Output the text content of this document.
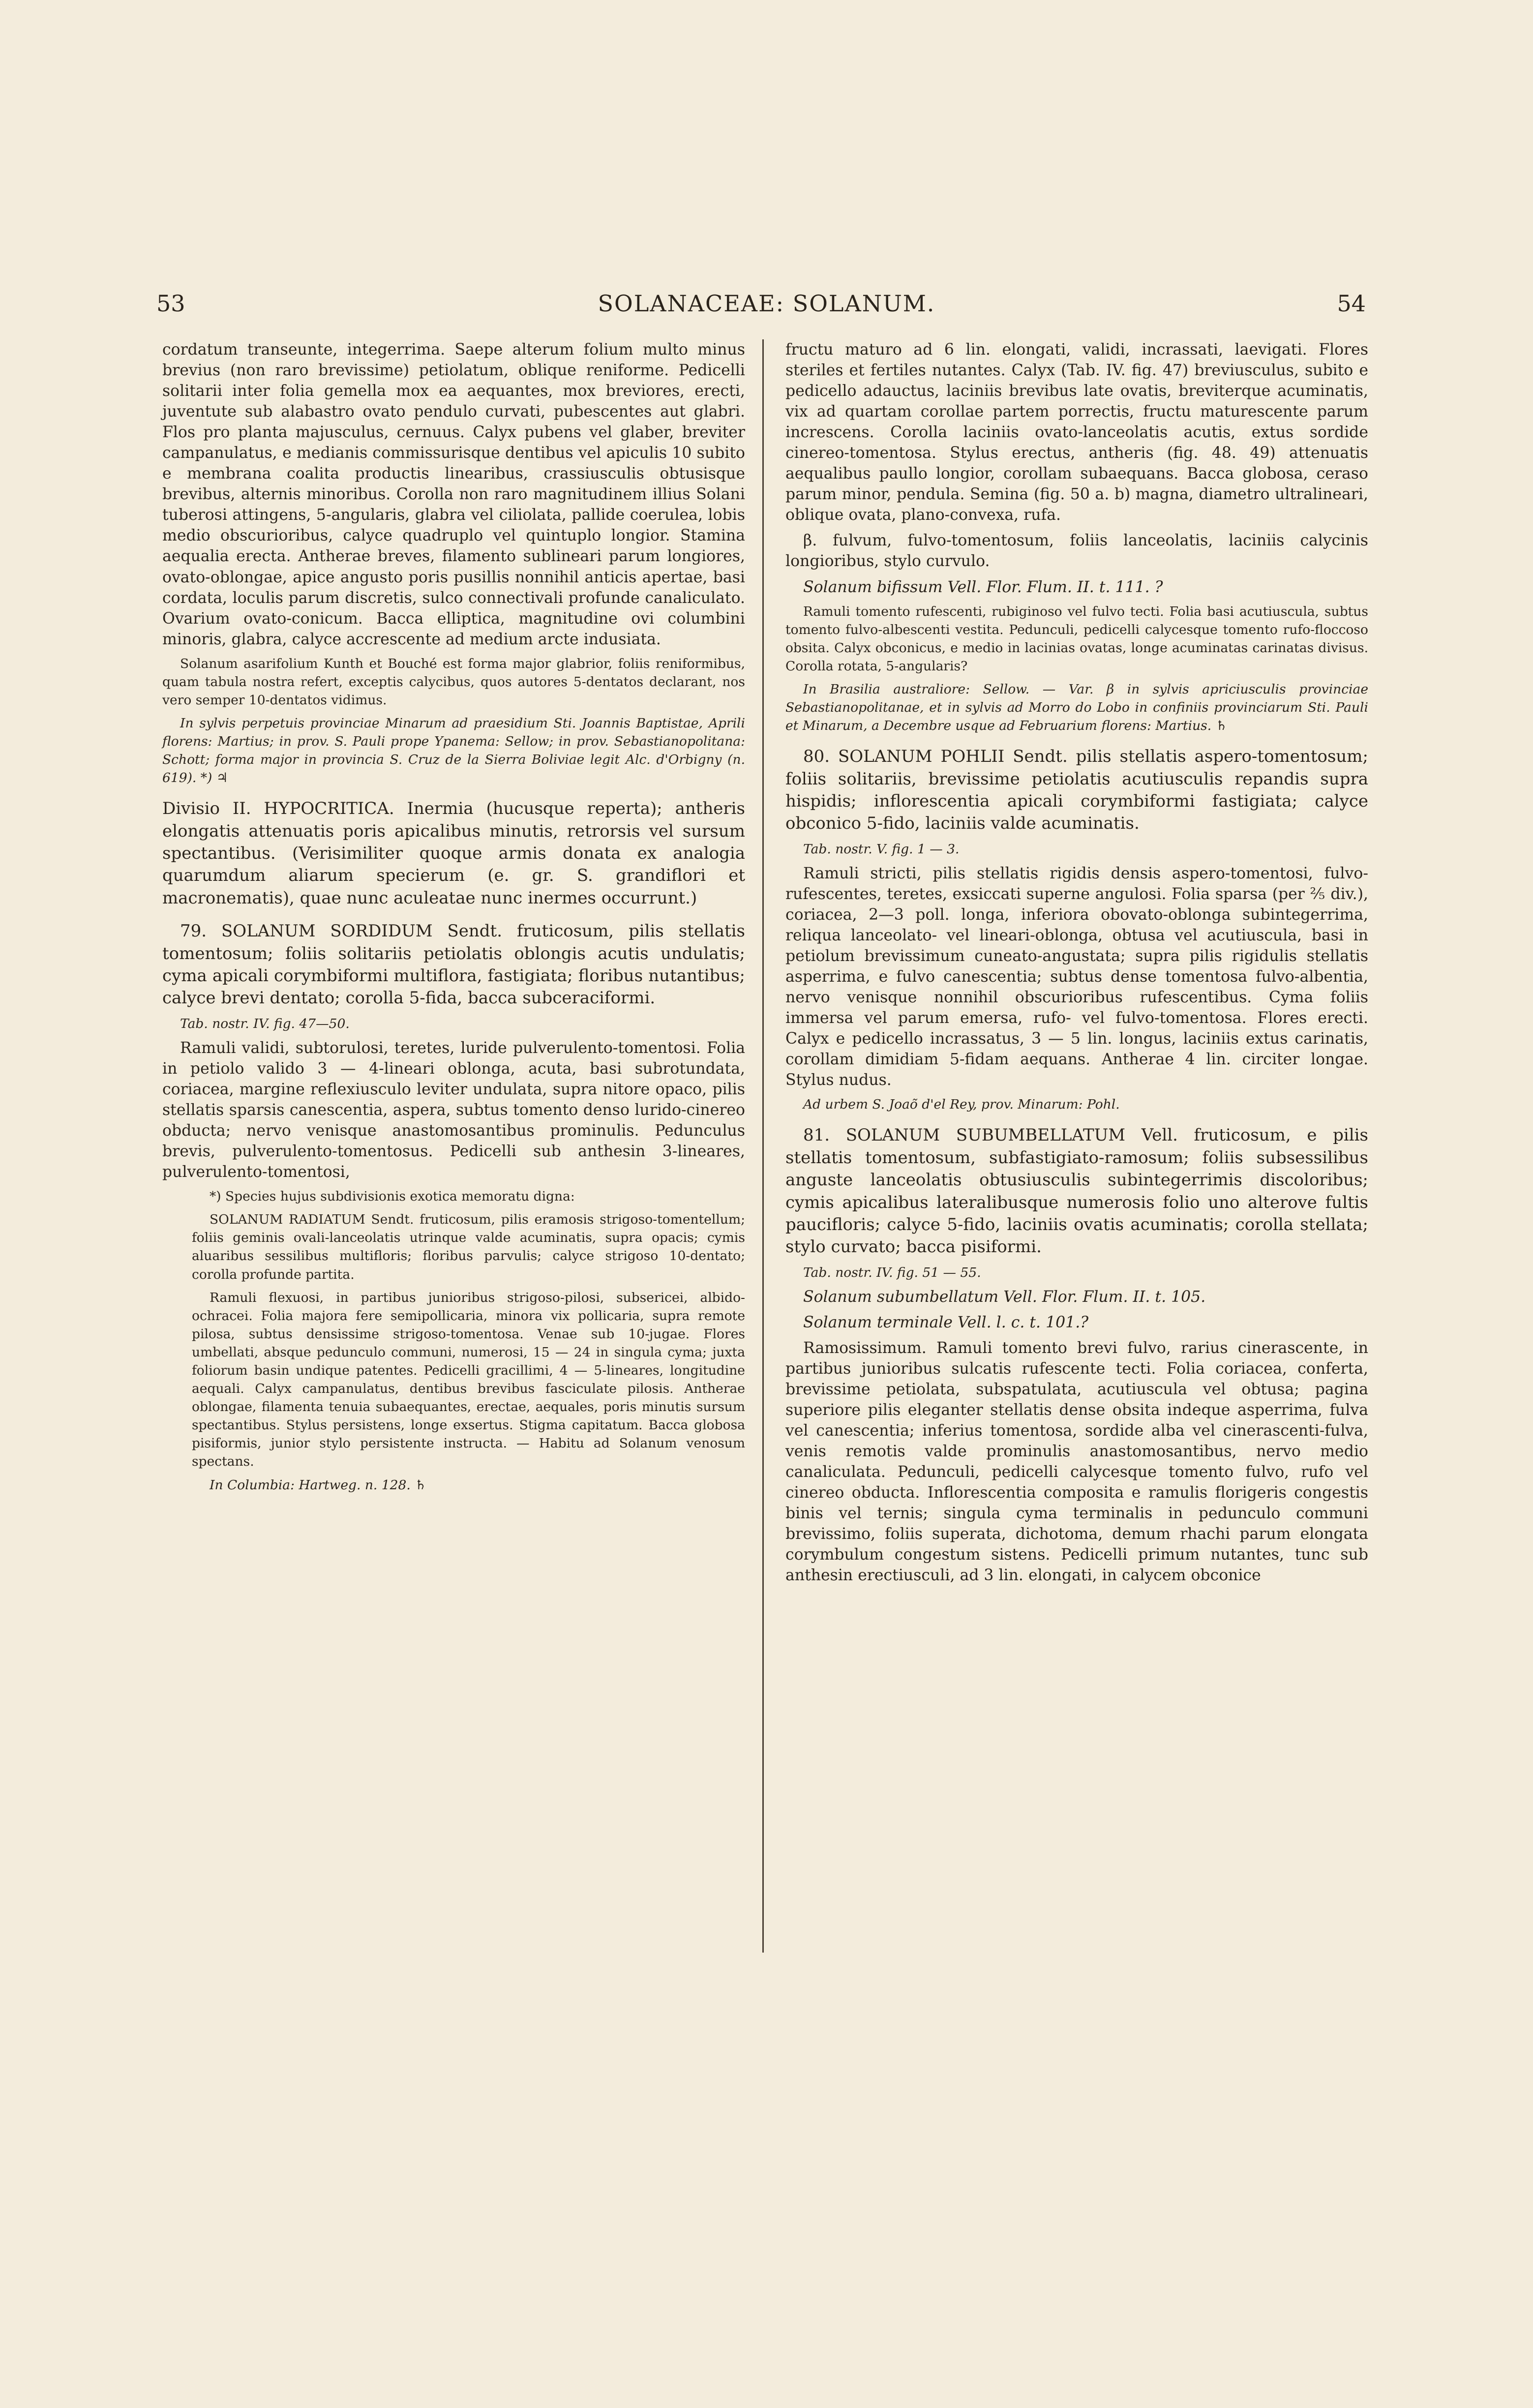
53	SOLANACEAE: SOLANUM.	54

cordatum transeunte, integerrima. Saepe alterum folium multo minus brevius (non raro brevissime) petiolatum, oblique reniforme. Pedicelli solitarii inter folia gemella mox ea aequantes, mox breviores, erecti, juventute sub alabastro ovato pendulo curvati, pubescentes aut glabri. Flos pro planta majusculus, cernuus. Calyx pubens vel glaber, breviter campanulatus, e medianis commissurisque dentibus vel apiculis 10 subito e membrana coalita productis linearibus, crassiusculis obtusisque brevibus, alternis minoribus. Corolla non raro magnitudinem illius Solani tuberosi attingens, 5-angularis, glabra vel ciliolata, pallide coerulea, lobis medio obscurioribus, calyce quadruplo vel quintuplo longior. Stamina aequalia erecta. Antherae breves, filamento sublineari parum longiores, ovato-oblongae, apice angusto poris pusillis nonnihil anticis apertae, basi cordata, loculis parum discretis, sulco connectivali profunde canaliculato. Ovarium ovato-conicum. Bacca elliptica, magnitudine ovi columbini minoris, glabra, calyce accrescente ad medium arcte indusiata.

Solanum asarifolium Kunth et Bouché est forma major glabrior, foliis reniformibus, quam tabula nostra refert, exceptis calycibus, quos autores 5-dentatos declarant, nos vero semper 10-dentatos vidimus.

In sylvis perpetuis provinciae Minarum ad praesidium Sti. Joannis Baptistae, Aprili florens: Martius; in prov. S. Pauli prope Ypanema: Sellow; in prov. Sebastianopolitana: Schott; forma major in provincia S. Cruz de la Sierra Boliviae legit Alc. d'Orbigny (n. 619). *) ♃

Divisio II. HYPOCRITICA. Inermia (hucusque reperta); antheris elongatis attenuatis poris apicalibus minutis, retrorsis vel sursum spectantibus. (Verisimiliter quoque armis donata ex analogia quarumdum aliarum specierum (e. gr. S. grandiflori et macronematis), quae nunc aculeatae nunc inermes occurrunt.)

79. SOLANUM SORDIDUM Sendt. fruticosum, pilis stellatis tomentosum; foliis solitariis petiolatis oblongis acutis undulatis; cyma apicali corymbiformi multiflora, fastigiata; floribus nutantibus; calyce brevi dentato; corolla 5-fida, bacca subceraciformi.

Tab. nostr. IV. fig. 47—50.

Ramuli validi, subtorulosi, teretes, luride pulverulento-tomentosi. Folia in petiolo valido 3 — 4-lineari oblonga, acuta, basi subrotundata, coriacea, margine reflexiusculo leviter undulata, supra nitore opaco, pilis stellatis sparsis canescentia, aspera, subtus tomento denso lurido-cinereo obducta; nervo venisque anastomosantibus prominulis. Pedunculus brevis, pulverulento-tomentosus. Pedicelli sub anthesin 3-lineares, pulverulento-tomentosi,

*) Species hujus subdivisionis exotica memoratu digna:

SOLANUM RADIATUM Sendt. fruticosum, pilis eramosis strigoso-tomentellum; foliis geminis ovali-lanceolatis utrinque valde acuminatis, supra opacis; cymis aluaribus sessilibus multifloris; floribus parvulis; calyce strigoso 10-dentato; corolla profunde partita.

Ramuli flexuosi, in partibus junioribus strigoso-pilosi, subsericei, albido-ochracei. Folia majora fere semipollicaria, minora vix pollicaria, supra remote pilosa, subtus densissime strigoso-tomentosa. Venae sub 10-jugae. Flores umbellati, absque pedunculo communi, numerosi, 15 — 24 in singula cyma; juxta foliorum basin undique patentes. Pedicelli gracillimi, 4 — 5-lineares, longitudine aequali. Calyx campanulatus, dentibus brevibus fasciculate pilosis. Antherae oblongae, filamenta tenuia subaequantes, erectae, aequales, poris minutis sursum spectantibus. Stylus persistens, longe exsertus. Stigma capitatum. Bacca globosa pisiformis, junior stylo persistente instructa. — Habitu ad Solanum venosum spectans.

In Columbia: Hartweg. n. 128. ♄

fructu maturo ad 6 lin. elongati, validi, incrassati, laevigati. Flores steriles et fertiles nutantes. Calyx (Tab. IV. fig. 47) breviusculus, subito e pedicello adauctus, laciniis brevibus late ovatis, breviterque acuminatis, vix ad quartam corollae partem porrectis, fructu maturescente parum increscens. Corolla laciniis ovato-lanceolatis acutis, extus sordide cinereo-tomentosa. Stylus erectus, antheris (fig. 48. 49) attenuatis aequalibus paullo longior, corollam subaequans. Bacca globosa, ceraso parum minor, pendula. Semina (fig. 50 a. b) magna, diametro ultralineari, oblique ovata, plano-convexa, rufa.

β. fulvum, fulvo-tomentosum, foliis lanceolatis, laciniis calycinis longioribus, stylo curvulo.

Solanum bifissum Vell. Flor. Flum. II. t. 111. ?

Ramuli tomento rufescenti, rubiginoso vel fulvo tecti. Folia basi acutiuscula, subtus tomento fulvo-albescenti vestita. Pedunculi, pedicelli calycesque tomento rufo-floccoso obsita. Calyx obconicus, e medio in lacinias ovatas, longe acuminatas carinatas divisus. Corolla rotata, 5-angularis?

In Brasilia australiore: Sellow. — Var. β in sylvis apriciusculis provinciae Sebastianopolitanae, et in sylvis ad Morro do Lobo in confiniis provinciarum Sti. Pauli et Minarum, a Decembre usque ad Februarium florens: Martius. ♄

80. SOLANUM POHLII Sendt. pilis stellatis aspero-tomentosum; foliis solitariis, brevissime petiolatis acutiusculis repandis supra hispidis; inflorescentia apicali corymbiformi fastigiata; calyce obconico 5-fido, laciniis valde acuminatis.

Tab. nostr. V. fig. 1 — 3.

Ramuli stricti, pilis stellatis rigidis densis aspero-tomentosi, fulvo-rufescentes, teretes, exsiccati superne angulosi. Folia sparsa (per ⅖ div.), coriacea, 2—3 poll. longa, inferiora obovato-oblonga subintegerrima, reliqua lanceolato- vel lineari-oblonga, obtusa vel acutiuscula, basi in petiolum brevissimum cuneato-angustata; supra pilis rigidulis stellatis asperrima, e fulvo canescentia; subtus dense tomentosa fulvo-albentia, nervo venisque nonnihil obscurioribus rufescentibus. Cyma foliis immersa vel parum emersa, rufo- vel fulvo-tomentosa. Flores erecti. Calyx e pedicello incrassatus, 3 — 5 lin. longus, laciniis extus carinatis, corollam dimidiam 5-fidam aequans. Antherae 4 lin. circiter longae. Stylus nudus.

Ad urbem S. Joaõ d'el Rey, prov. Minarum: Pohl.

81. SOLANUM SUBUMBELLATUM Vell. fruticosum, e pilis stellatis tomentosum, subfastigiato-ramosum; foliis subsessilibus anguste lanceolatis obtusiusculis subintegerrimis discoloribus; cymis apicalibus lateralibusque numerosis folio uno alterove fultis paucifloris; calyce 5-fido, laciniis ovatis acuminatis; corolla stellata; stylo curvato; bacca pisiformi.

Tab. nostr. IV. fig. 51 — 55.

Solanum subumbellatum Vell. Flor. Flum. II. t. 105.

Solanum terminale Vell. l. c. t. 101.?

Ramosissimum. Ramuli tomento brevi fulvo, rarius cinerascente, in partibus junioribus sulcatis rufescente tecti. Folia coriacea, conferta, brevissime petiolata, subspatulata, acutiuscula vel obtusa; pagina superiore pilis eleganter stellatis dense obsita indeque asperrima, fulva vel canescentia; inferius tomentosa, sordide alba vel cinerascenti-fulva, venis remotis valde prominulis anastomosantibus, nervo medio canaliculata. Pedunculi, pedicelli calycesque tomento fulvo, rufo vel cinereo obducta. Inflorescentia composita e ramulis florigeris congestis binis vel ternis; singula cyma terminalis in pedunculo communi brevissimo, foliis superata, dichotoma, demum rhachi parum elongata corymbulum congestum sistens. Pedicelli primum nutantes, tunc sub anthesin erectiusculi, ad 3 lin. elongati, in calycem obconice
